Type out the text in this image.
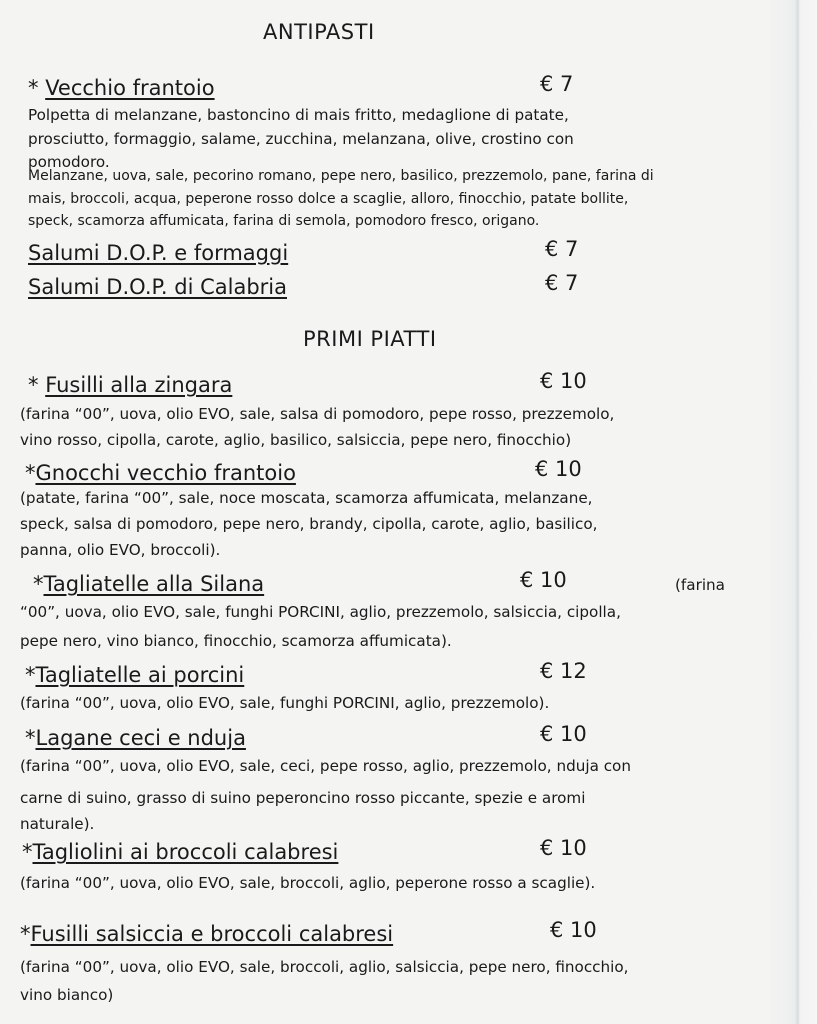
ANTIPASTI
* Vecchio frantoio	€ 7
Polpetta di melanzane, bastoncino di mais fritto, medaglione di patate,
prosciutto, formaggio, salame, zucchina, melanzana, olive, crostino con
pomodoro.
Melanzane, uova, sale, pecorino romano, pepe nero, basilico, prezzemolo, pane, farina di
mais, broccoli, acqua, peperone rosso dolce a scaglie, alloro, finocchio, patate bollite,
speck, scamorza affumicata, farina di semola, pomodoro fresco, origano.
Salumi D.O.P. e formaggi	€ 7
Salumi D.O.P. di Calabria	€ 7
PRIMI PIATTI
* Fusilli alla zingara	€ 10
(farina “00”, uova, olio EVO, sale, salsa di pomodoro, pepe rosso, prezzemolo,
vino rosso, cipolla, carote, aglio, basilico, salsiccia, pepe nero, finocchio)
*Gnocchi vecchio frantoio	€ 10
(patate, farina “00”, sale, noce moscata, scamorza affumicata, melanzane,
speck, salsa di pomodoro, pepe nero, brandy, cipolla, carote, aglio, basilico,
panna, olio EVO, broccoli).
*Tagliatelle alla Silana	€ 10	(farina
“00”, uova, olio EVO, sale, funghi PORCINI, aglio, prezzemolo, salsiccia, cipolla,
pepe nero, vino bianco, finocchio, scamorza affumicata).
*Tagliatelle ai porcini	€ 12
(farina “00”, uova, olio EVO, sale, funghi PORCINI, aglio, prezzemolo).
*Lagane ceci e nduja	€ 10
(farina “00”, uova, olio EVO, sale, ceci, pepe rosso, aglio, prezzemolo, nduja con
carne di suino, grasso di suino peperoncino rosso piccante, spezie e aromi
naturale).
*Tagliolini ai broccoli calabresi	€ 10
(farina “00”, uova, olio EVO, sale, broccoli, aglio, peperone rosso a scaglie).
*Fusilli salsiccia e broccoli calabresi	€ 10
(farina “00”, uova, olio EVO, sale, broccoli, aglio, salsiccia, pepe nero, finocchio,
vino bianco)
